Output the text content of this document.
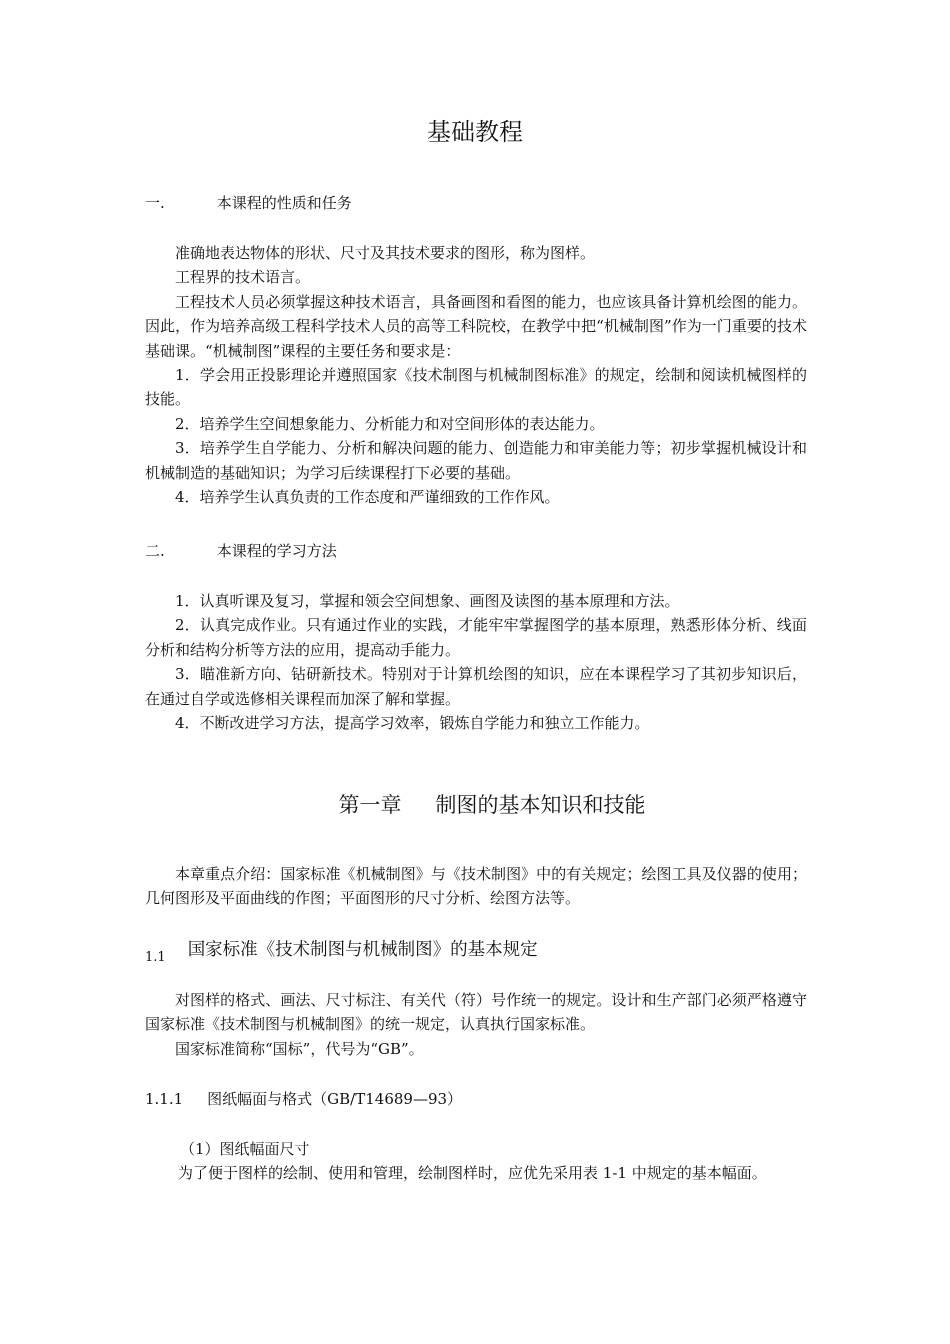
基础教程
一.	本课程的性质和任务

准确地表达物体的形状、尺寸及其技术要求的图形，称为图样。

工程界的技术语言。

工程技术人员必须掌握这种技术语言，具备画图和看图的能力，也应该具备计算机绘图的能力。因此，作为培养高级工程科学技术人员的高等工科院校，在教学中把“机械制图”作为一门重要的技术基础课。“机械制图”课程的主要任务和要求是：

1．学会用正投影理论并遵照国家《技术制图与机械制图标准》的规定，绘制和阅读机械图样的技能。

2．培养学生空间想象能力、分析能力和对空间形体的表达能力。

3．培养学生自学能力、分析和解决问题的能力、创造能力和审美能力等；初步掌握机械设计和机械制造的基础知识；为学习后续课程打下必要的基础。

4．培养学生认真负责的工作态度和严谨细致的工作作风。

二.	本课程的学习方法

1．认真听课及复习，掌握和领会空间想象、画图及读图的基本原理和方法。

2．认真完成作业。只有通过作业的实践，才能牢牢掌握图学的基本原理，熟悉形体分析、线面分析和结构分析等方法的应用，提高动手能力。

3．瞄准新方向、钻研新技术。特别对于计算机绘图的知识，应在本课程学习了其初步知识后，在通过自学或选修相关课程而加深了解和掌握。

4．不断改进学习方法，提高学习效率，锻炼自学能力和独立工作能力。

第一章 制图的基本知识和技能

本章重点介绍：国家标准《机械制图》与《技术制图》中的有关规定；绘图工具及仪器的使用；几何图形及平面曲线的作图；平面图形的尺寸分析、绘图方法等。

1.1 国家标准《技术制图与机械制图》的基本规定

对图样的格式、画法、尺寸标注、有关代（符）号作统一的规定。设计和生产部门必须严格遵守国家标准《技术制图与机械制图》的统一规定，认真执行国家标准。

国家标准简称“国标”，代号为“GB”。

1.1.1 图纸幅面与格式（GB/T14689—93）
（1）图纸幅面尺寸
为了便于图样的绘制、使用和管理，绘制图样时，应优先采用表 1-1 中规定的基本幅面。
